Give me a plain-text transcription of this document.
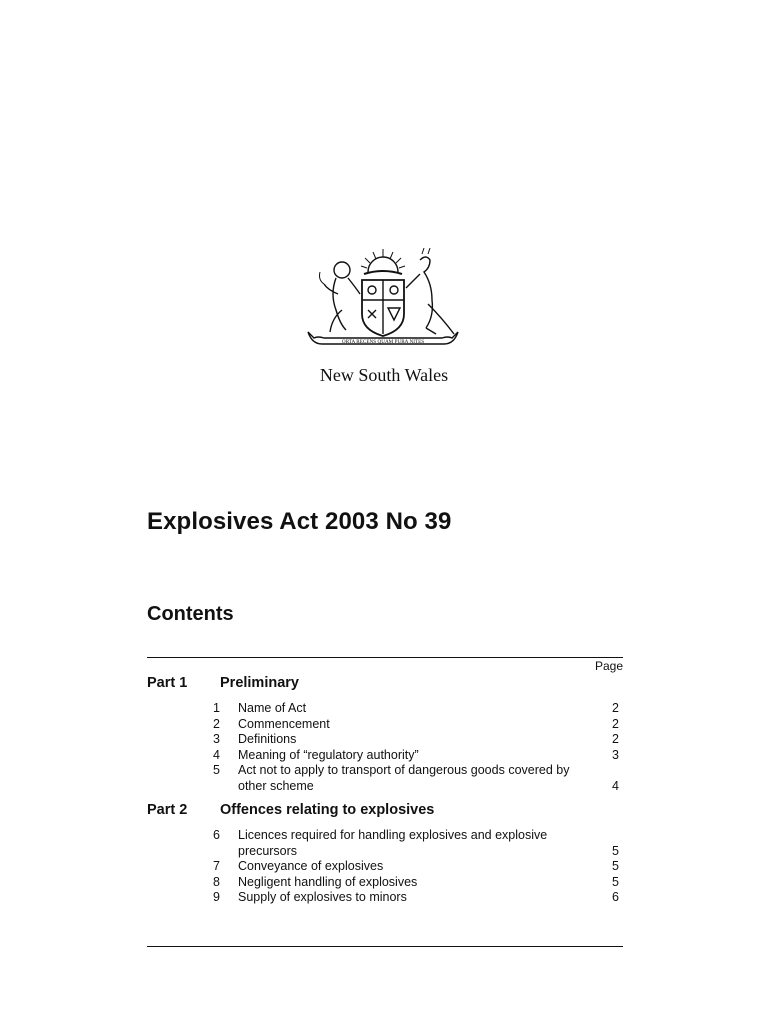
ORTA RECENS QUAM PURA NITES
New South Wales
Explosives Act 2003 No 39
Contents
Page
Part 1	Preliminary
1	Name of Act	2
2	Commencement	2
3	Definitions	2
4	Meaning of “regulatory authority”	3
5	Act not to apply to transport of dangerous goods covered by other scheme	4
Part 2	Offences relating to explosives
6	Licences required for handling explosives and explosive precursors	5
7	Conveyance of explosives	5
8	Negligent handling of explosives	5
9	Supply of explosives to minors	6
